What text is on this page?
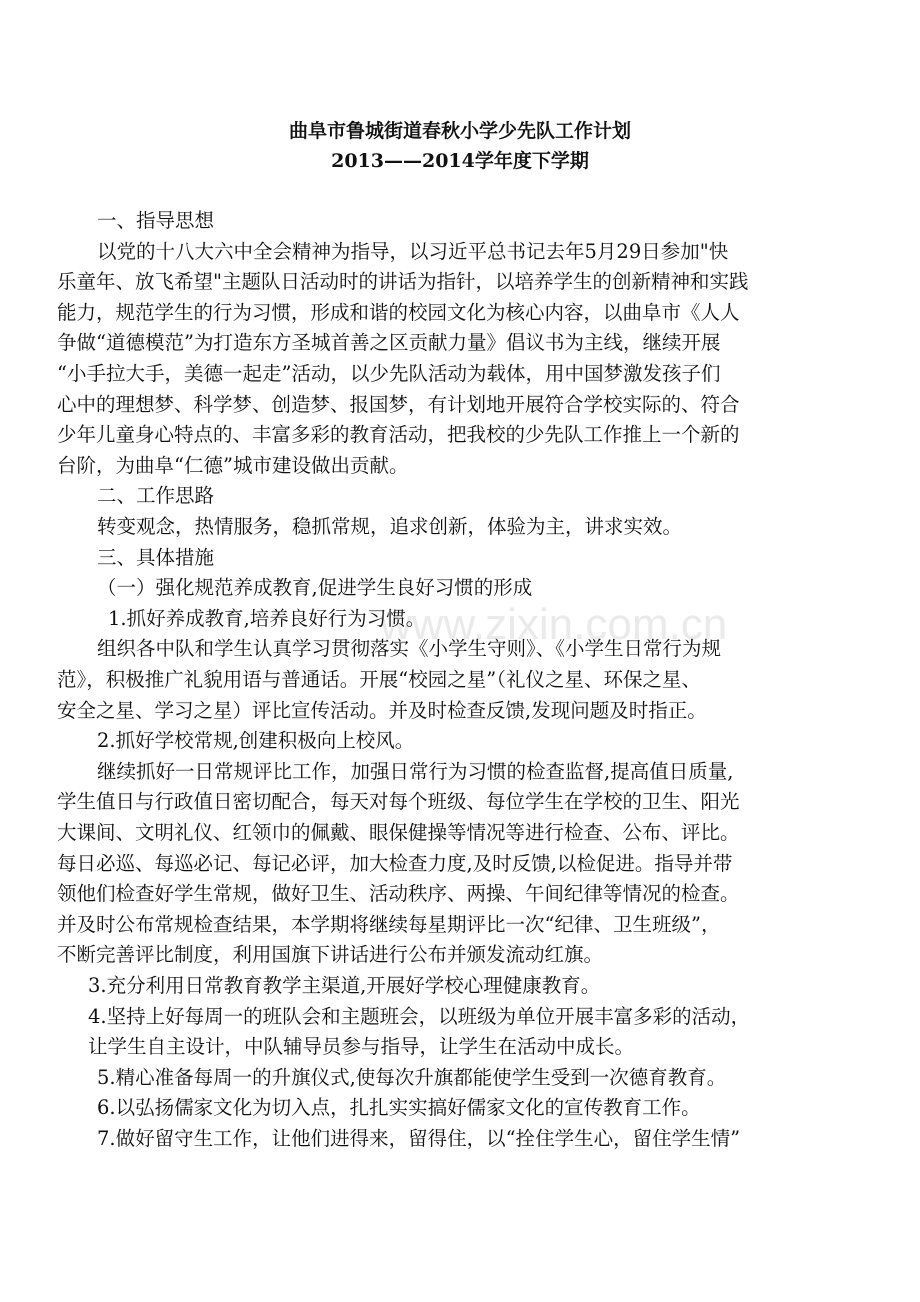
www.zixin.com.cn
曲阜市鲁城街道春秋小学少先队工作计划
2013——2014学年度下学期
一、指导思想
以党的十八大六中全会精神为指导，以习近平总书记去年5月29日参加"快
乐童年、放飞希望"主题队日活动时的讲话为指针，以培养学生的创新精神和实践
能力，规范学生的行为习惯，形成和谐的校园文化为核心内容，以曲阜市《人人
争做“道德模范”为打造东方圣城首善之区贡献力量》倡议书为主线，继续开展
“小手拉大手，美德一起走”活动，以少先队活动为载体，用中国梦激发孩子们
心中的理想梦、科学梦、创造梦、报国梦，有计划地开展符合学校实际的、符合
少年儿童身心特点的、丰富多彩的教育活动，把我校的少先队工作推上一个新的
台阶，为曲阜“仁德”城市建设做出贡献。
二、工作思路
转变观念，热情服务，稳抓常规，追求创新，体验为主，讲求实效。
三、具体措施
（一）强化规范养成教育,促进学生良好习惯的形成
1.抓好养成教育,培养良好行为习惯。
组织各中队和学生认真学习贯彻落实《小学生守则》、《小学生日常行为规
范》，积极推广礼貌用语与普通话。开展“校园之星”（礼仪之星、环保之星、
安全之星、学习之星）评比宣传活动。并及时检查反馈,发现问题及时指正。
2.抓好学校常规,创建积极向上校风。
继续抓好一日常规评比工作，加强日常行为习惯的检查监督,提高值日质量,
学生值日与行政值日密切配合，每天对每个班级、每位学生在学校的卫生、阳光
大课间、文明礼仪、红领巾的佩戴、眼保健操等情况等进行检查、公布、评比。
每日必巡、每巡必记、每记必评，加大检查力度,及时反馈,以检促进。指导并带
领他们检查好学生常规，做好卫生、活动秩序、两操、午间纪律等情况的检查。
并及时公布常规检查结果，本学期将继续每星期评比一次“纪律、卫生班级”，
不断完善评比制度，利用国旗下讲话进行公布并颁发流动红旗。
3.充分利用日常教育教学主渠道,开展好学校心理健康教育。
4.坚持上好每周一的班队会和主题班会，以班级为单位开展丰富多彩的活动，
让学生自主设计，中队辅导员参与指导，让学生在活动中成长。
5.精心准备每周一的升旗仪式,使每次升旗都能使学生受到一次德育教育。
6.以弘扬儒家文化为切入点，扎扎实实搞好儒家文化的宣传教育工作。
7.做好留守生工作，让他们进得来，留得住，以“拴住学生心，留住学生情”
